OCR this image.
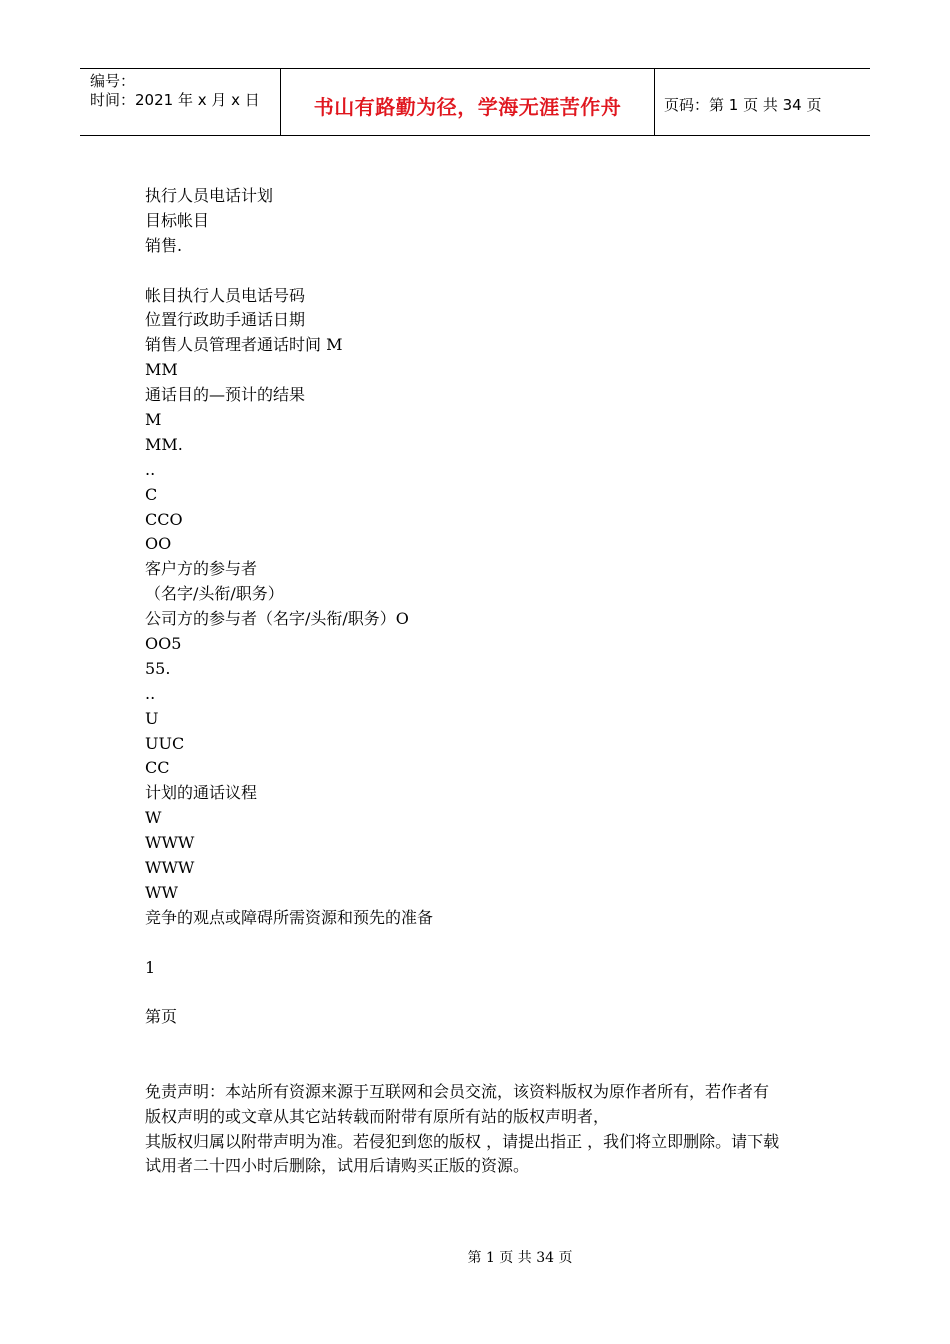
编号：
时间：2021 年 x 月 x 日	书山有路勤为径，学海无涯苦作舟	页码：第 1 页 共 34 页
执行人员电话计划
目标帐目
销售.
帐目执行人员电话号码
位置行政助手通话日期
销售人员管理者通话时间 M
MM
通话目的—预计的结果
M
MM.
..
C
CCO
OO
客户方的参与者
（名字/头衔/职务）
公司方的参与者（名字/头衔/职务）O
OO5
55.
..
U
UUC
CC
计划的通话议程
W
WWW
WWW
WW
竞争的观点或障碍所需资源和预先的准备
1
第页
免责声明：本站所有资源来源于互联网和会员交流，该资料版权为原作者所有，若作者有
版权声明的或文章从其它站转载而附带有原所有站的版权声明者，
其版权归属以附带声明为准。若侵犯到您的版权 ，请提出指正 ，我们将立即删除。请下载
试用者二十四小时后删除，试用后请购买正版的资源。
第 1 页 共 34 页
